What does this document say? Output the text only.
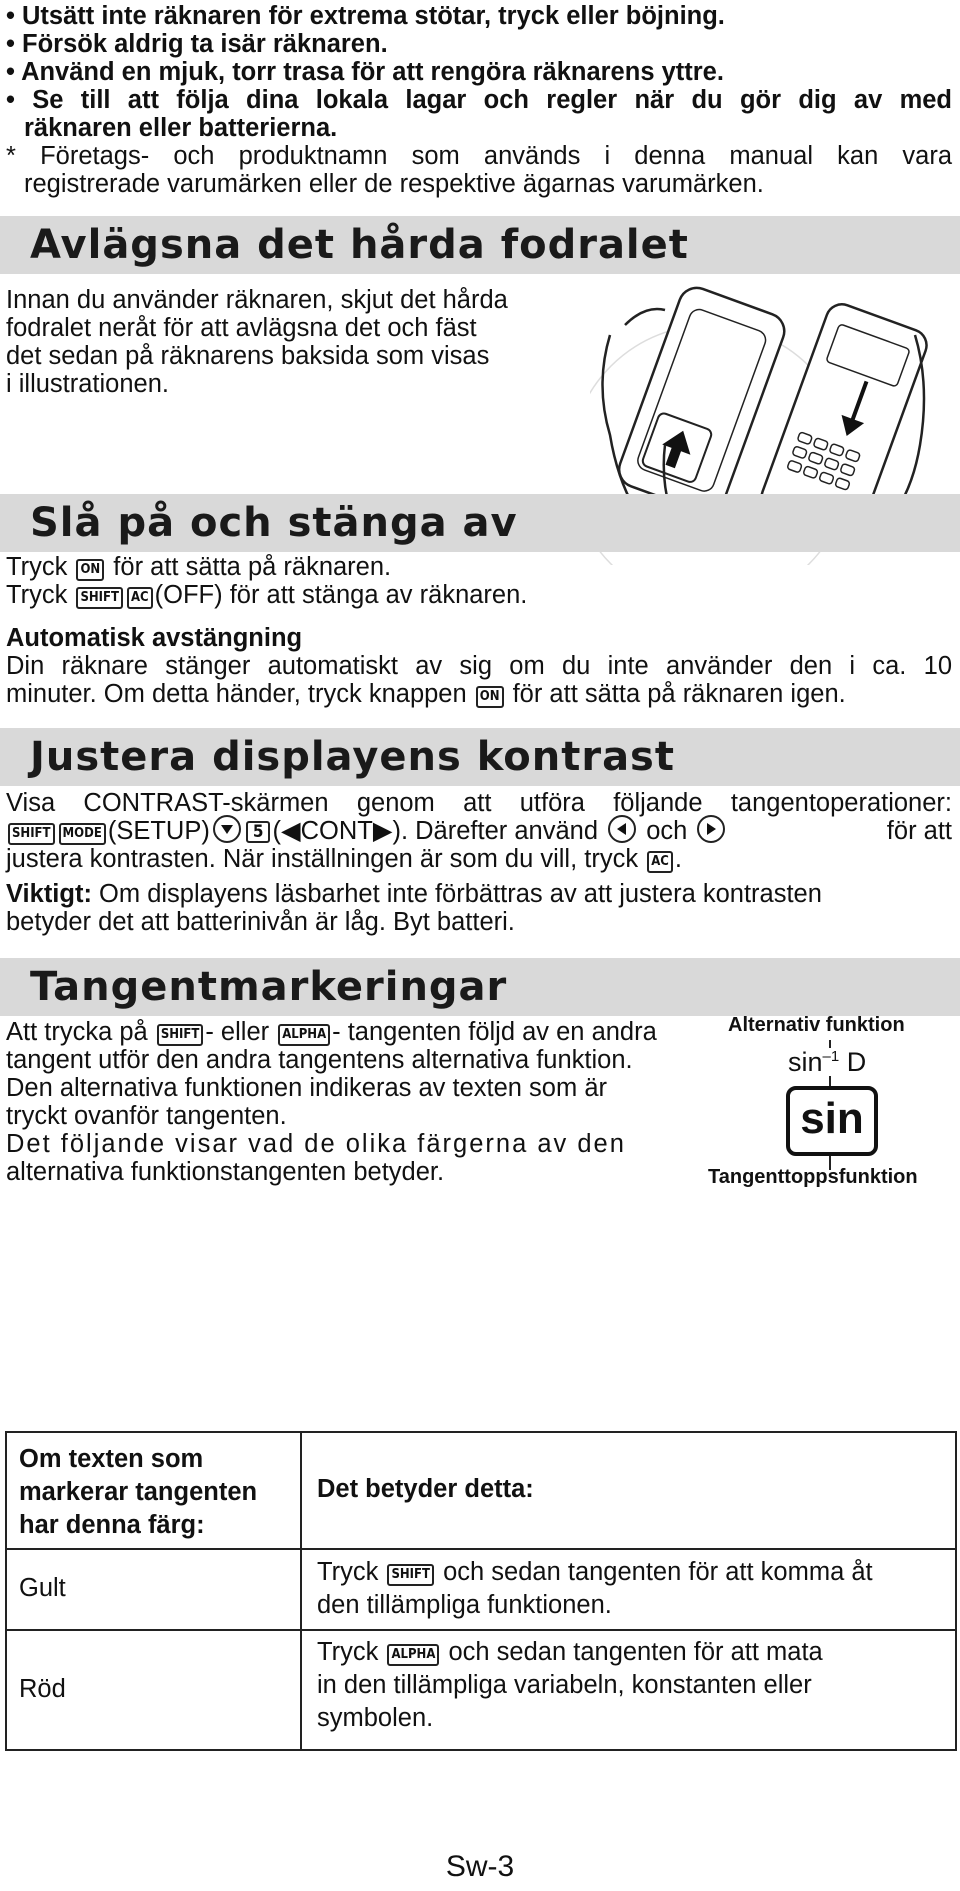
• Utsätt inte räknaren för extrema stötar, tryck eller böjning.
• Försök aldrig ta isär räknaren.
• Använd en mjuk, torr trasa för att rengöra räknarens yttre.
• Se till att följa dina lokala lagar och regler när du gör dig av med
räknaren eller batterierna.
* Företags- och produktnamn som används i denna manual kan vara
registrerade varumärken eller de respektive ägarnas varumärken.
Avlägsna det hårda fodralet
Innan du använder räknaren, skjut det hårda
fodralet neråt för att avlägsna det och fäst
det sedan på räknarens baksida som visas
i illustrationen.
Slå på och stänga av
Tryck ON för att sätta på räknaren.
Tryck SHIFT AC (OFF) för att stänga av räknaren.
Automatisk avstängning
Din räknare stänger automatiskt av sig om du inte använder den i ca. 10
minuter. Om detta händer, tryck knappen ON för att sätta på räknaren igen.
Justera displayens kontrast
Visa CONTRAST-skärmen genom att utföra följande tangentoperationer:
SHIFT MODE (SETUP)	5 (◀CONT▶). Därefter använd och	för att
justera kontrasten. När inställningen är som du vill, tryck AC .
Viktigt: Om displayens läsbarhet inte förbättras av att justera kontrasten
betyder det att batterinivån är låg. Byt batteri.
Tangentmarkeringar
Att trycka på SHIFT - eller ALPHA - tangenten följd av en andra
tangent utför den andra tangentens alternativa funktion.
Den alternativa funktionen indikeras av texten som är
tryckt ovanför tangenten.
Det följande visar vad de olika färgerna av den
alternativa funktionstangenten betyder.
Alternativ funktion
$\sin^{-1} D$
sin
Tangenttoppsfunktion
Om texten som
markerar tangenten
har denna färg:
Det betyder detta:
Gult
Tryck SHIFT och sedan tangenten för att komma åt
den tillämpliga funktionen.
Röd
Tryck ALPHA och sedan tangenten för att mata
in den tillämpliga variabeln, konstanten eller
symbolen.
Sw-3
